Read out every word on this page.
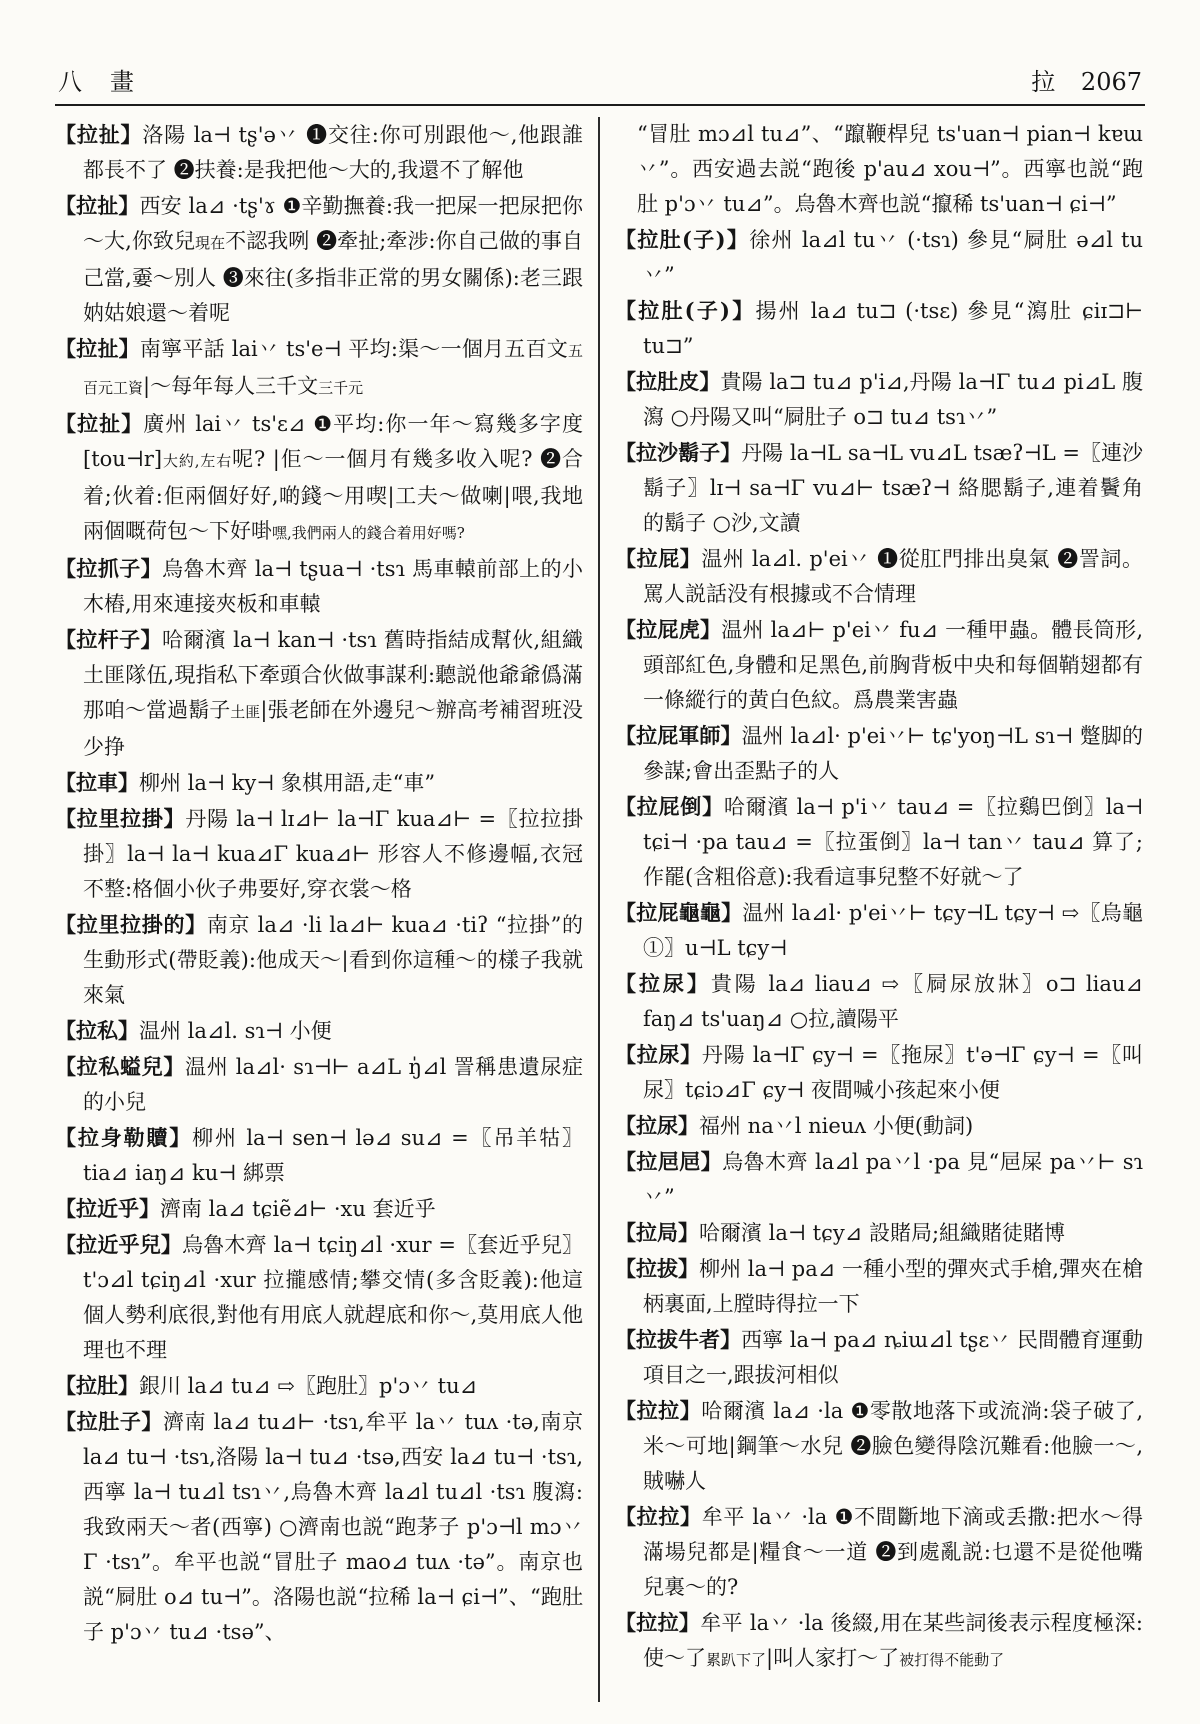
八　畫	拉 2067

【拉扯】洛陽 la⊣ tʂ'ə丷 ❶交往:你可別跟他～,他跟誰都長不了 ❷扶養:是我把他～大的,我還不了解他

【拉扯】西安 la⊿ ·tʂ'ɤ ❶辛勤撫養:我一把屎一把尿把你～大,你致兒現在不認我咧 ❷牽扯;牽涉:你自己做的事自己當,嫑～別人 ❸來往(多指非正常的男女關係):老三跟妠姑娘還～着呢

【拉扯】南寧平話 lai丷 ts'e⊣ 平均:渠～一個月五百文五百元工資|～每年每人三千文三千元

【拉扯】廣州 lai丷 ts'ɛ⊿ ❶平均:你一年～寫幾多字度[tou⊣r]大約,左右呢? |佢～一個月有幾多收入呢? ❷合着;伙着:佢兩個好好,啲錢～用喫|工夫～做喇|喂,我地兩個嘅荷包～下好啩嘿,我們兩人的錢合着用好嗎?

【拉抓子】烏魯木齊 la⊣ tʂua⊣ ·tsɿ 馬車轅前部上的小木樁,用來連接夾板和車轅

【拉杆子】哈爾濱 la⊣ kan⊣ ·tsɿ 舊時指結成幫伙,組織土匪隊伍,現指私下牽頭合伙做事謀利:聽説他爺爺僞滿那咱～當過鬍子土匪|張老師在外邊兒～辦高考補習班没少挣

【拉車】柳州 la⊣ ky⊣ 象棋用語,走“車”

【拉里拉掛】丹陽 la⊣ lɪ⊿⊢ la⊣Γ kua⊿⊢ =〖拉拉掛掛〗la⊣ la⊣ kua⊿Γ kua⊿⊢ 形容人不修邊幅,衣冠不整:格個小伙子弗要好,穿衣裳～格

【拉里拉掛的】南京 la⊿ ·li la⊿⊢ kua⊿ ·tiʔ “拉掛”的生動形式(帶貶義):他成天～|看到你這種～的樣子我就來氣

【拉私】温州 la⊿l. sɿ⊣ 小便

【拉私螠兒】温州 la⊿l· sɿ⊣⊢ a⊿L ŋ̍⊿l 詈稱患遺尿症的小兒

【拉身勒贖】柳州 la⊣ sen⊣ lə⊿ su⊿ =〖吊羊牯〗tia⊿ iaŋ⊿ ku⊣ 綁票

【拉近乎】濟南 la⊿ tɕiẽ⊿⊢ ·xu 套近乎

【拉近乎兒】烏魯木齊 la⊣ tɕiŋ⊿l ·xur =〖套近乎兒〗t'ɔ⊿l tɕiŋ⊿l ·xur 拉攏感情;攀交情(多含貶義):他這個人勢利底很,對他有用底人就趕底和你～,莫用底人他理也不理

【拉肚】銀川 la⊿ tu⊿ ⇨〖跑肚〗p'ɔ丷 tu⊿

【拉肚子】濟南 la⊿ tu⊿⊢ ·tsɿ,牟平 la丷 tuʌ ·tə,南京 la⊿ tu⊣ ·tsɿ,洛陽 la⊣ tu⊿ ·tsə,西安 la⊿ tu⊣ ·tsɿ,西寧 la⊣ tu⊿l tsɿ丷,烏魯木齊 la⊿l tu⊿l ·tsɿ 腹瀉:我致兩天～者(西寧) ○濟南也説“跑茅子 p'ɔ⊣l mɔ丷Γ ·tsɿ”。牟平也説“冒肚子 mao⊿ tuʌ ·tə”。南京也説“屙肚 o⊿ tu⊣”。洛陽也説“拉稀 la⊣ ɕi⊣”、“跑肚子 p'ɔ丷 tu⊿ ·tsə”、

“冒肚 mɔ⊿l tu⊿”、“躥鞭桿兒 ts'uan⊣ pian⊣ kɐɯ丷”。西安過去説“跑後 p'au⊿ xou⊣”。西寧也説“跑肚 p'ɔ丷 tu⊿”。烏魯木齊也説“攛稀 ts'uan⊣ ɕi⊣”

【拉肚(子)】徐州 la⊿l tu丷 (·tsɿ) 參見“屙肚 ə⊿l tu丷”

【拉肚(子)】揚州 la⊿ tu⊐ (·tsɛ) 參見“瀉肚 ɕiɪ⊐⊢ tu⊐”

【拉肚皮】貴陽 la⊐ tu⊿ p'i⊿,丹陽 la⊣Γ tu⊿ pi⊿L 腹瀉 ○丹陽又叫“屙肚子 o⊐ tu⊿ tsɿ丷”

【拉沙鬍子】丹陽 la⊣L sa⊣L vu⊿L tsæʔ⊣L =〖連沙鬍子〗lɪ⊣ sa⊣Γ vu⊿⊢ tsæʔ⊣ 絡腮鬍子,連着鬢角的鬍子 ○沙,文讀

【拉屁】温州 la⊿l. p'ei丷 ❶從肛門排出臭氣 ❷詈詞。罵人説話没有根據或不合情理

【拉屁虎】温州 la⊿⊢ p'ei丷 fu⊿ 一種甲蟲。體長筒形,頭部紅色,身體和足黑色,前胸背板中央和每個鞘翅都有一條縱行的黄白色紋。爲農業害蟲

【拉屁軍師】温州 la⊿l· p'ei丷⊢ tɕ'yoŋ⊣L sɿ⊣ 蹩脚的參謀;會出歪點子的人

【拉屁倒】哈爾濱 la⊣ p'i丷 tau⊿ =〖拉鷄巴倒〗la⊣ tɕi⊣ ·pa tau⊿ =〖拉蛋倒〗la⊣ tan丷 tau⊿ 算了;作罷(含粗俗意):我看這事兒整不好就～了

【拉屁龜龜】温州 la⊿l· p'ei丷⊢ tɕy⊣L tɕy⊣ ⇨〖烏龜①〗u⊣L tɕy⊣

【拉尿】貴陽 la⊿ liau⊿ ⇨〖屙尿放牀〗o⊐ liau⊿ faŋ⊿ ts'uaŋ⊿ ○拉,讀陽平

【拉尿】丹陽 la⊣Γ ɕy⊣ =〖拖尿〗t'ə⊣Γ ɕy⊣ =〖叫尿〗tɕiɔ⊿Γ ɕy⊣ 夜間喊小孩起來小便

【拉尿】福州 na丷l nieuʌ 小便(動詞)

【拉㞎㞎】烏魯木齊 la⊿l pa丷l ·pa 見“㞎屎 pa丷⊢ sɿ丷”

【拉局】哈爾濱 la⊣ tɕy⊿ 設賭局;組織賭徒賭博

【拉拔】柳州 la⊣ pa⊿ 一種小型的彈夾式手槍,彈夾在槍柄裏面,上膛時得拉一下

【拉拔牛者】西寧 la⊣ pa⊿ ȵiɯ⊿l tʂɛ丷 民間體育運動項目之一,跟拔河相似

【拉拉】哈爾濱 la⊿ ·la ❶零散地落下或流淌:袋子破了,米～可地|鋼筆～水兒 ❷臉色變得陰沉難看:他臉一～,賊嚇人

【拉拉】牟平 la丷 ·la ❶不間斷地下滴或丢撒:把水～得滿場兒都是|糧食～一道 ❷到處亂説:乜還不是從他嘴兒裏～的?

【拉拉】牟平 la丷 ·la 後綴,用在某些詞後表示程度極深:使～了累趴下了|叫人家打～了被打得不能動了
